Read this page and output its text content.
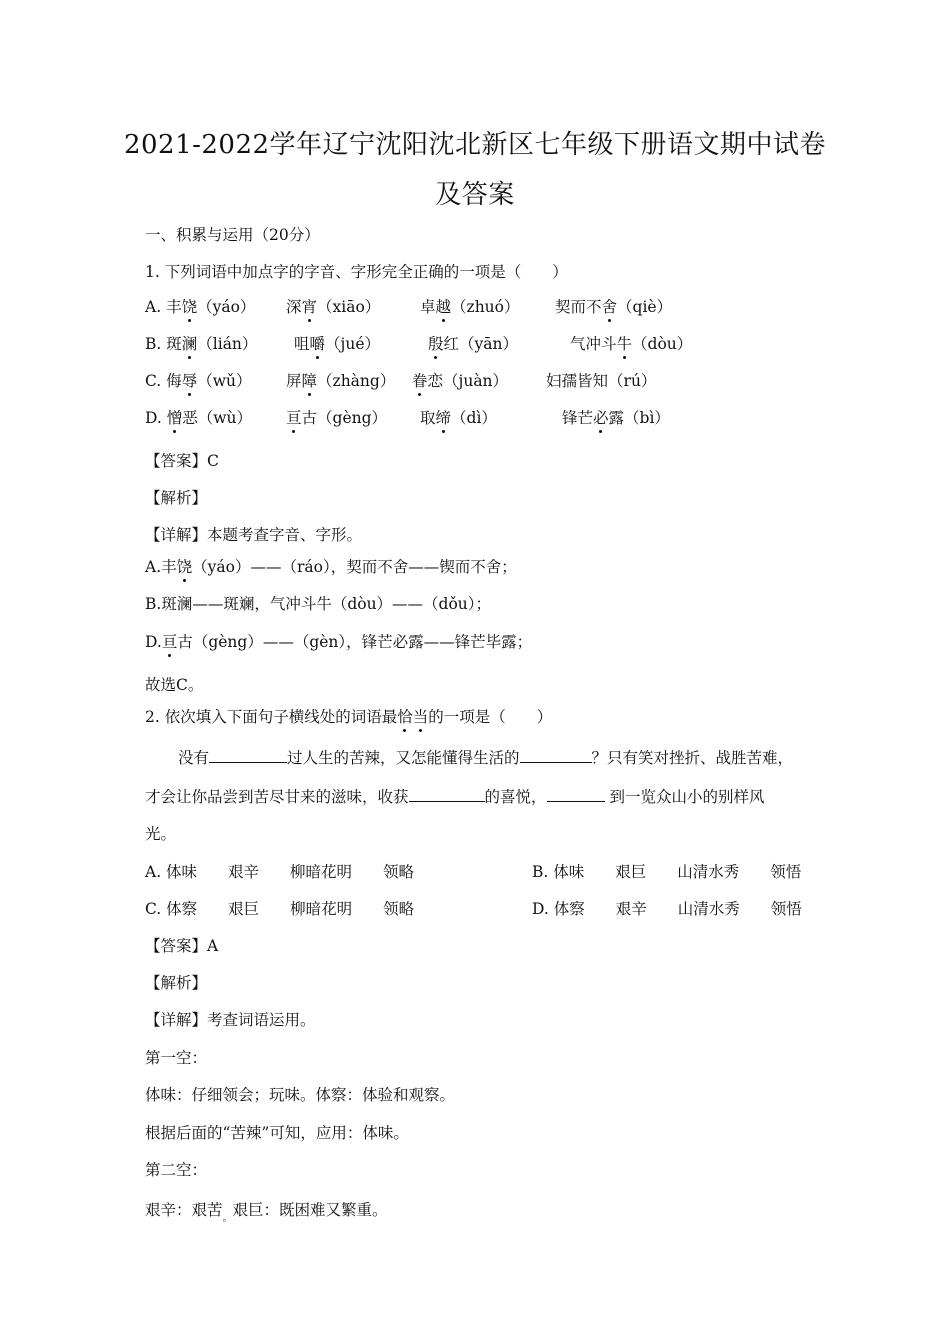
2021-2022学年辽宁沈阳沈北新区七年级下册语文期中试卷
及答案
一、积累与运用（20分）
1. 下列词语中加点字的字音、字形完全正确的一项是（　　）
A. 丰饶（yáo） 深宵（xiāo）	卓越（zhuó） 契而不舍（qiè）
B. 斑澜（lián） 咀嚼（jué）	殷红（yān）	气冲斗牛（dòu）
C. 侮辱（wǔ） 屏障（zhàng） 眷恋（juàn） 妇孺皆知（rú）
D. 憎恶（wù） 亘古（gèng） 取缔（dì）	锋芒必露（bì）
【答案】C
【解析】
【详解】本题考查字音、字形。
A.丰饶（yáo）——（ráo），契而不舍——锲而不舍；
B.斑澜——斑斓，气冲斗牛（dòu）——（dǒu）；
D.亘古（gèng）——（gèn），锋芒必露——锋芒毕露；
故选C。
2. 依次填入下面句子横线处的词语最恰当的一项是（　　）
没有	过人生的苦辣，又怎能懂得生活的	？只有笑对挫折、战胜苦难，
才会让你品尝到苦尽甘来的滋味，收获	的喜悦，	到一览众山小的别样风
光。
A. 体味　　艰辛　　柳暗花明　　领略	B. 体味　　艰巨　　山清水秀　　领悟
C. 体察　　艰巨　　柳暗花明　　领略	D. 体察　　艰辛　　山清水秀　　领悟
【答案】A
【解析】
【详解】考查词语运用。
第一空：
体味：仔细领会；玩味。体察：体验和观察。
根据后面的“苦辣”可知，应用：体味。
第二空：
艰辛：艰苦$_。$艰巨：既困难又繁重。
